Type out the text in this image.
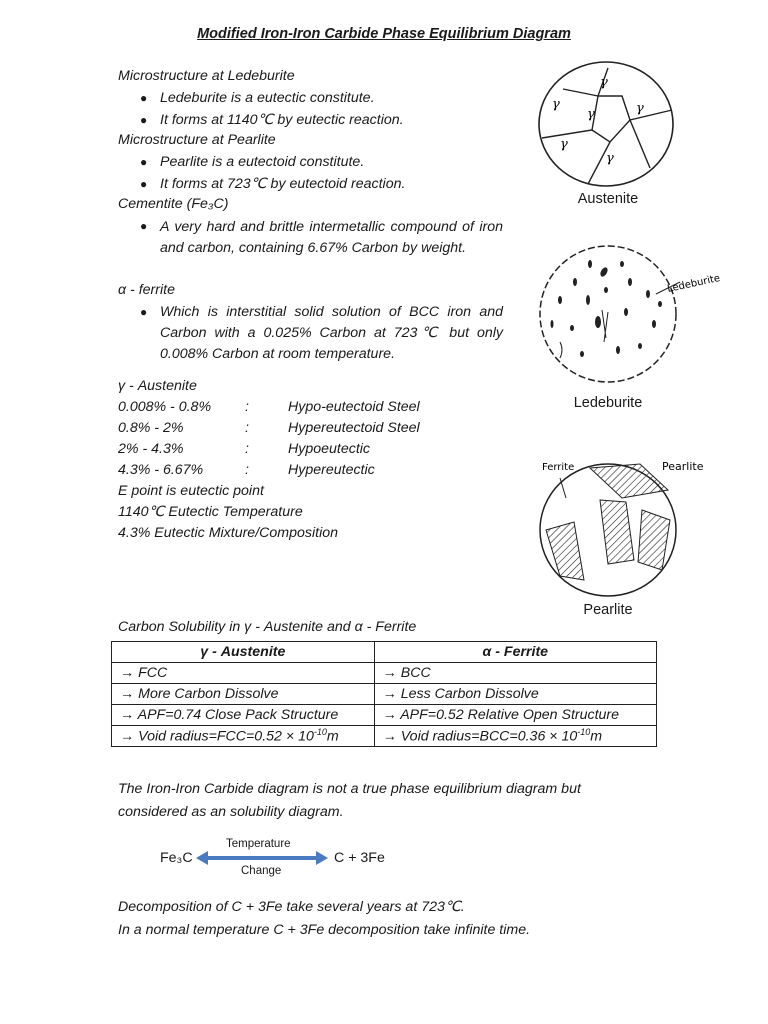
Modified Iron-Iron Carbide Phase Equilibrium Diagram
Microstructure at Ledeburite
● Ledeburite is a eutectic constitute.
● It forms at 1140℃ by eutectic reaction.
Microstructure at Pearlite
● Pearlite is a eutectoid constitute.
● It forms at 723℃ by eutectoid reaction.
Cementite (Fe₃C)
● A very hard and brittle intermetallic compound of iron and carbon, containing 6.67% Carbon by weight.
α - ferrite
● Which is interstitial solid solution of BCC iron and Carbon with a 0.025% Carbon at 723℃ but only 0.008% Carbon at room temperature.
γ - Austenite
0.008% - 0.8% :	Hypo-eutectoid Steel
0.8% - 2%	:	Hypereutectoid Steel
2% - 4.3%	:	Hypoeutectic
4.3% - 6.67%	:	Hypereutectic
E point is eutectic point
1140℃ Eutectic Temperature
4.3% Eutectic Mixture/Composition
γ
γ
γ	γ
γ
γ
Austenite
Ledeburite
Ledeburite
Ferrite	Pearlite
Pearlite
Carbon Solubility in γ - Austenite and α - Ferrite
γ - Austenite	α - Ferrite
→ FCC	→ BCC
→ More Carbon Dissolve	→ Less Carbon Dissolve
→ APF=0.74 Close Pack Structure	→ APF=0.52 Relative Open Structure
→ Void radius=FCC=0.52 × $10^{-10}m$	→ Void radius=BCC=0.36 × $10^{-10}m$
The Iron-Iron Carbide diagram is not a true phase equilibrium diagram but considered as an solubility diagram.
Fe₃C
Temperature
Change
C + 3Fe
Decomposition of C + 3Fe take several years at 723℃.
In a normal temperature C + 3Fe decomposition take infinite time.
